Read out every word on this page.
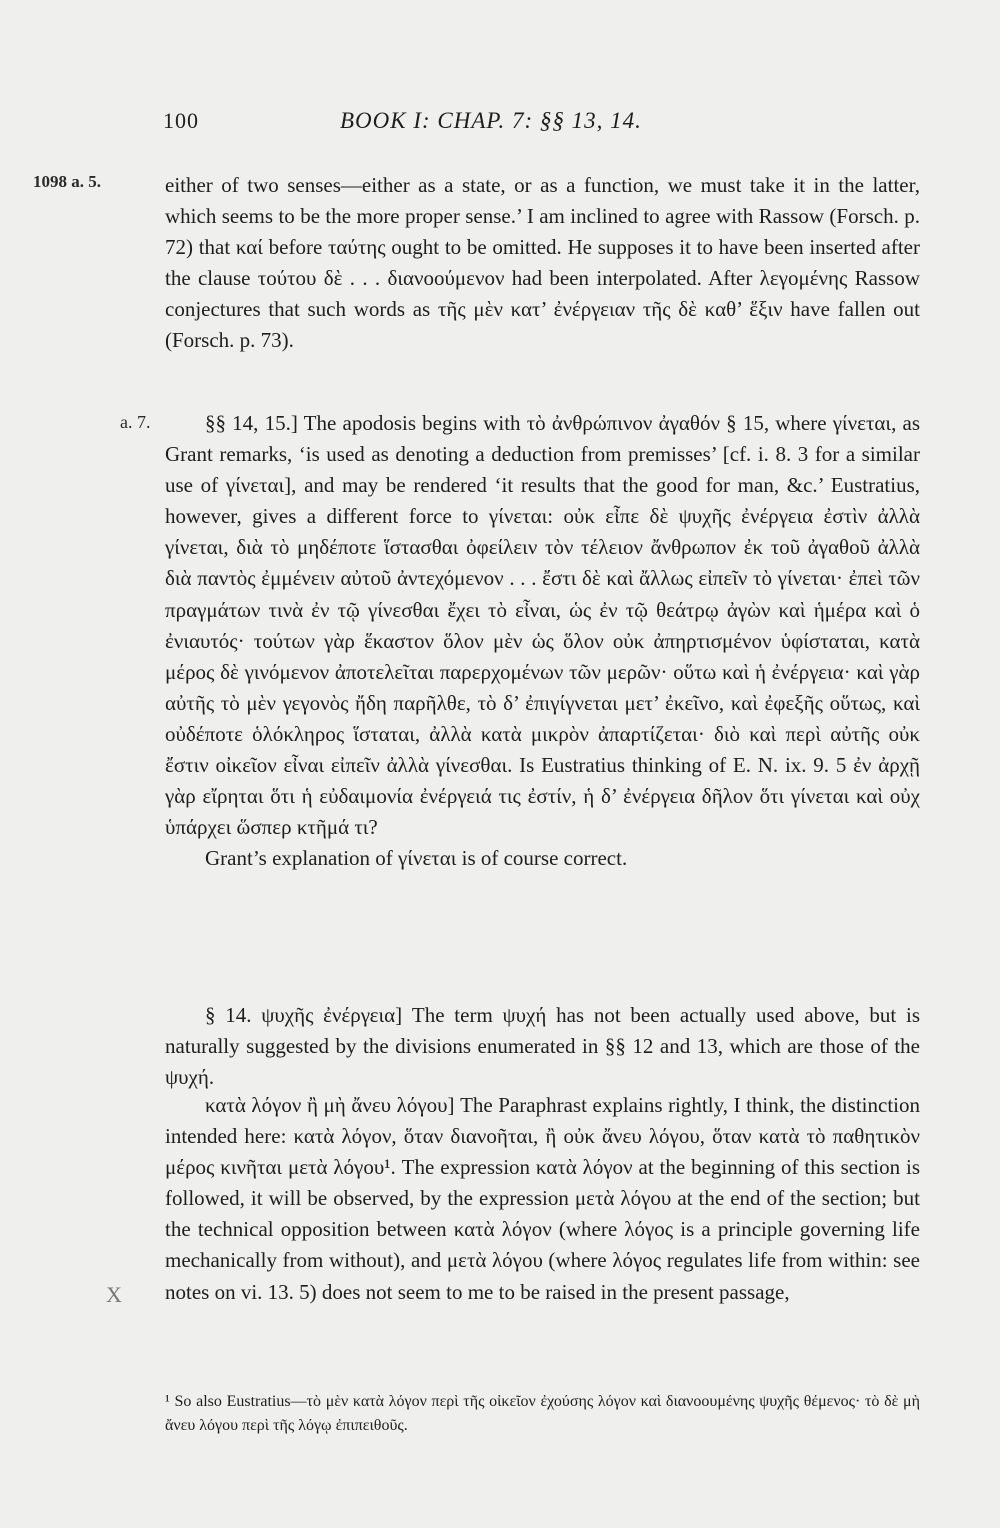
100	BOOK I: CHAP. 7: §§ 13, 14.
1098 a. 5.
a. 7.

either of two senses—either as a state, or as a function, we must take it in the latter, which seems to be the more proper sense.’ I am inclined to agree with Rassow (Forsch. p. 72) that καί before ταύτης ought to be omitted. He supposes it to have been inserted after the clause τούτου δὲ . . . διανοούμενον had been interpolated. After λεγομένης Rassow conjectures that such words as τῆς μὲν κατ’ ἐνέργειαν τῆς δὲ καθ’ ἕξιν have fallen out (Forsch. p. 73).

§§ 14, 15.] The apodosis begins with τὸ ἀνθρώπινον ἀγαθόν § 15, where γίνεται, as Grant remarks, ‘is used as denoting a deduction from premisses’ [cf. i. 8. 3 for a similar use of γίνεται], and may be rendered ‘it results that the good for man, &c.’ Eustratius, however, gives a different force to γίνεται: οὐκ εἶπε δὲ ψυχῆς ἐνέργεια ἐστὶν ἀλλὰ γίνεται, διὰ τὸ μηδέποτε ἵστασθαι ὀφείλειν τὸν τέλειον ἄνθρωπον ἐκ τοῦ ἀγαθοῦ ἀλλὰ διὰ παντὸς ἐμμένειν αὐτοῦ ἀντεχόμενον . . . ἔστι δὲ καὶ ἄλλως εἰπεῖν τὸ γίνεται· ἐπεὶ τῶν πραγμάτων τινὰ ἐν τῷ γίνεσθαι ἔχει τὸ εἶναι, ὡς ἐν τῷ θεάτρῳ ἀγὼν καὶ ἡμέρα καὶ ὁ ἐνιαυτός· τούτων γὰρ ἕκαστον ὅλον μὲν ὡς ὅλον οὐκ ἀπηρτισμένον ὑφίσταται, κατὰ μέρος δὲ γινόμενον ἀποτελεῖται παρερχομένων τῶν μερῶν· οὕτω καὶ ἡ ἐνέργεια· καὶ γὰρ αὐτῆς τὸ μὲν γεγονὸς ἤδη παρῆλθε, τὸ δ’ ἐπιγίγνεται μετ’ ἐκεῖνο, καὶ ἐφεξῆς οὕτως, καὶ οὐδέποτε ὁλόκληρος ἵσταται, ἀλλὰ κατὰ μικρὸν ἀπαρτίζεται· διὸ καὶ περὶ αὐτῆς οὐκ ἔστιν οἰκεῖον εἶναι εἰπεῖν ἀλλὰ γίνεσθαι. Is Eustratius thinking of E. N. ix. 9. 5 ἐν ἀρχῇ γὰρ εἴρηται ὅτι ἡ εὐδαιμονία ἐνέργειά τις ἐστίν, ἡ δ’ ἐνέργεια δῆλον ὅτι γίνεται καὶ οὐχ ὑπάρχει ὥσπερ κτῆμά τι?

Grant’s explanation of γίνεται is of course correct.

§ 14. ψυχῆς ἐνέργεια] The term ψυχή has not been actually used above, but is naturally suggested by the divisions enumerated in §§ 12 and 13, which are those of the ψυχή.

κατὰ λόγον ἢ μὴ ἄνευ λόγου] The Paraphrast explains rightly, I think, the distinction intended here: κατὰ λόγον, ὅταν διανοῆται, ἢ οὐκ ἄνευ λόγου, ὅταν κατὰ τὸ παθητικὸν μέρος κινῆται μετὰ λόγου¹. The expression κατὰ λόγον at the beginning of this section is followed, it will be observed, by the expression μετὰ λόγου at the end of the section; but the technical opposition between κατὰ λόγον (where λόγος is a principle governing life mechanically from without), and μετὰ λόγου (where λόγος regulates life from within: see notes on vi. 13. 5) does not seem to me to be raised in the present passage,

¹ So also Eustratius—τὸ μὲν κατὰ λόγον περὶ τῆς οἰκεῖον ἐχούσης λόγον καὶ διανοουμένης ψυχῆς θέμενος· τὸ δὲ μὴ ἄνευ λόγου περὶ τῆς λόγῳ ἐπιπειθοῦς.
X
